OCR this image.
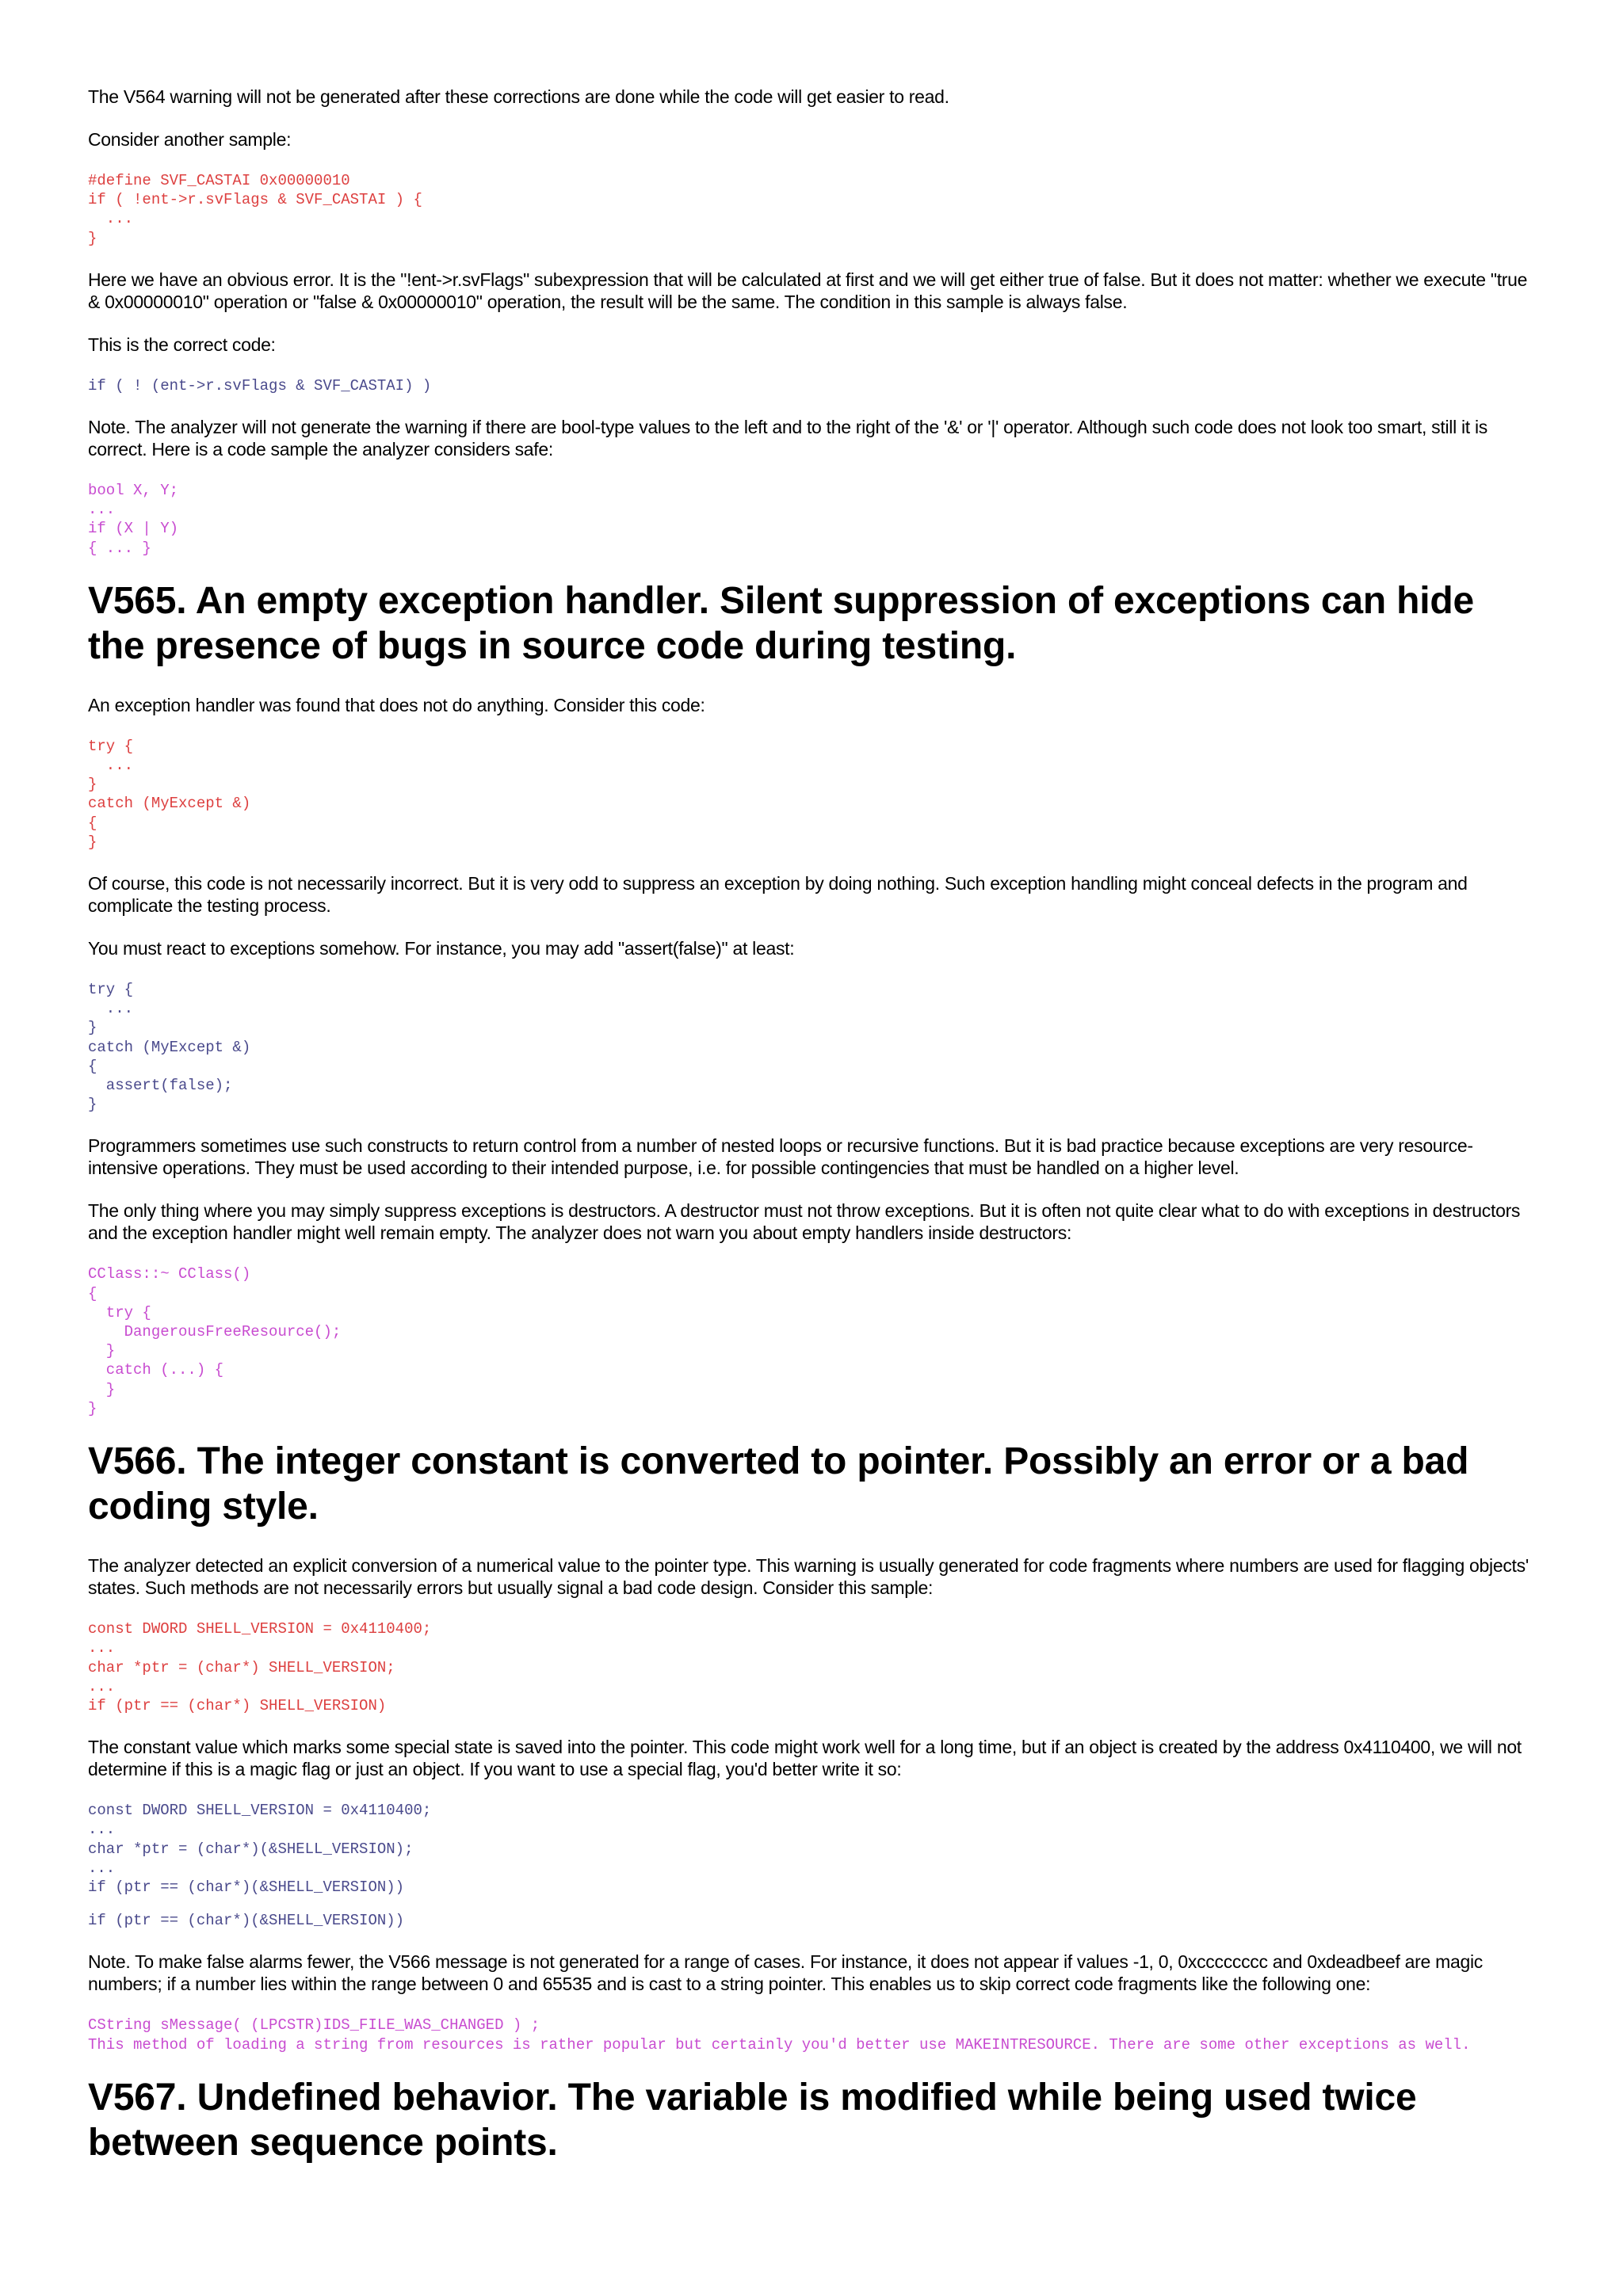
The V564 warning will not be generated after these corrections are done while the code will get easier to read.

Consider another sample:

#define SVF_CASTAI 0x00000010
if ( !ent->r.svFlags & SVF_CASTAI ) {
...
}

Here we have an obvious error. It is the "!ent->r.svFlags" subexpression that will be calculated at first and we will get either true of false. But it does not matter: whether we execute "true & 0x00000010" operation or "false & 0x00000010" operation, the result will be the same. The condition in this sample is always false.

This is the correct code:

if ( ! (ent->r.svFlags & SVF_CASTAI) )

Note. The analyzer will not generate the warning if there are bool-type values to the left and to the right of the '&' or '|' operator. Although such code does not look too smart, still it is correct. Here is a code sample the analyzer considers safe:

bool X, Y;
...
if (X | Y)
{ ... }
V565. An empty exception handler. Silent suppression of exceptions can hide the presence of bugs in source code during testing.

An exception handler was found that does not do anything. Consider this code:

try {
...
}
catch (MyExcept &)
{
}

Of course, this code is not necessarily incorrect. But it is very odd to suppress an exception by doing nothing. Such exception handling might conceal defects in the program and complicate the testing process.

You must react to exceptions somehow. For instance, you may add "assert(false)" at least:

try {
...
}
catch (MyExcept &)
{
assert(false);
}

Programmers sometimes use such constructs to return control from a number of nested loops or recursive functions. But it is bad practice because exceptions are very resource-intensive operations. They must be used according to their intended purpose, i.e. for possible contingencies that must be handled on a higher level.

The only thing where you may simply suppress exceptions is destructors. A destructor must not throw exceptions. But it is often not quite clear what to do with exceptions in destructors and the exception handler might well remain empty. The analyzer does not warn you about empty handlers inside destructors:

CClass::~ CClass()
{
try {
DangerousFreeResource();
}
catch (...) {
}
}
V566. The integer constant is converted to pointer. Possibly an error or a bad coding style.

The analyzer detected an explicit conversion of a numerical value to the pointer type. This warning is usually generated for code fragments where numbers are used for flagging objects' states. Such methods are not necessarily errors but usually signal a bad code design. Consider this sample:

const DWORD SHELL_VERSION = 0x4110400;
...
char *ptr = (char*) SHELL_VERSION;
...
if (ptr == (char*) SHELL_VERSION)

The constant value which marks some special state is saved into the pointer. This code might work well for a long time, but if an object is created by the address 0x4110400, we will not determine if this is a magic flag or just an object. If you want to use a special flag, you'd better write it so:

const DWORD SHELL_VERSION = 0x4110400;
...
char *ptr = (char*)(&SHELL_VERSION);
...
if (ptr == (char*)(&SHELL_VERSION))
if (ptr == (char*)(&SHELL_VERSION))

Note. To make false alarms fewer, the V566 message is not generated for a range of cases. For instance, it does not appear if values -1, 0, 0xcccccccc and 0xdeadbeef are magic numbers; if a number lies within the range between 0 and 65535 and is cast to a string pointer. This enables us to skip correct code fragments like the following one:

CString sMessage( (LPCSTR)IDS_FILE_WAS_CHANGED ) ;
This method of loading a string from resources is rather popular but certainly you'd better use MAKEINTRESOURCE. There are some other exceptions as well.
V567. Undefined behavior. The variable is modified while being used twice between sequence points.
